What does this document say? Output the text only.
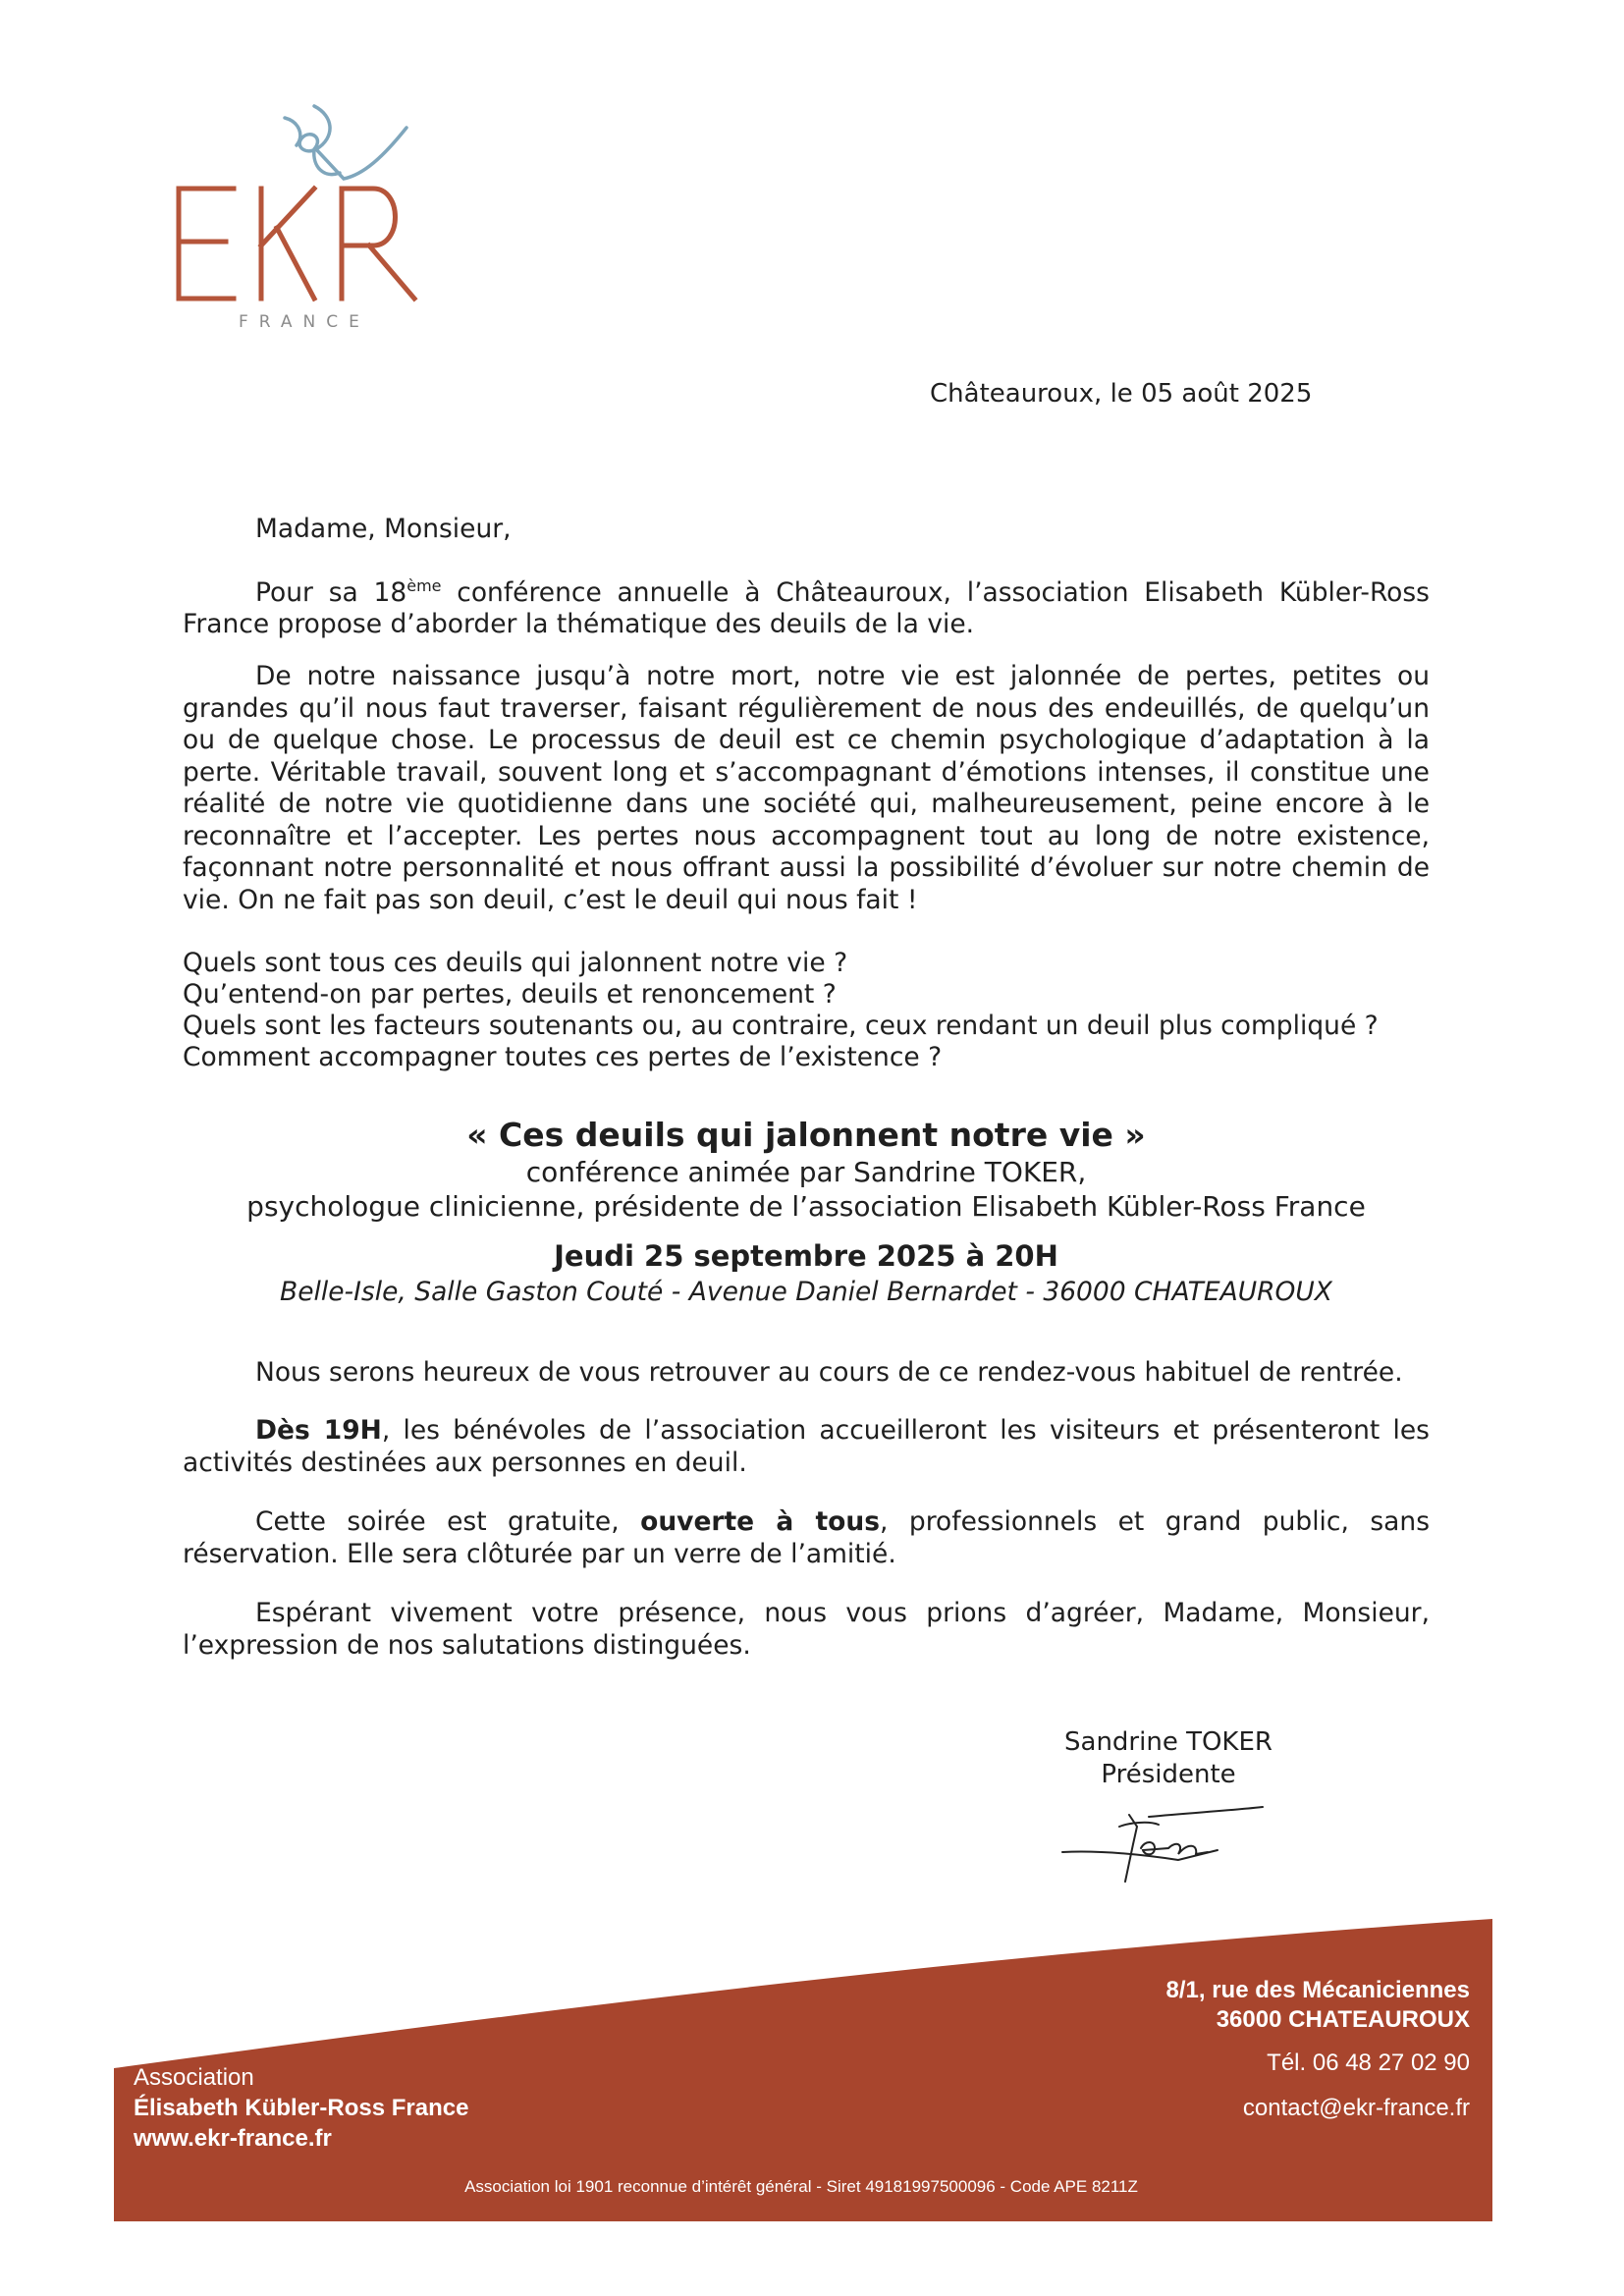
FRANCE
Châteauroux, le 05 août 2025
Madame, Monsieur,
Pour sa 18ème conférence annuelle à Châteauroux, l’association Elisabeth Kübler-Ross France propose d’aborder la thématique des deuils de la vie.
De notre naissance jusqu’à notre mort, notre vie est jalonnée de pertes, petites ou grandes qu’il nous faut traverser, faisant régulièrement de nous des endeuillés, de quelqu’un ou de quelque chose. Le processus de deuil est ce chemin psychologique d’adaptation à la perte. Véritable travail, souvent long et s’accompagnant d’émotions intenses, il constitue une réalité de notre vie quotidienne dans une société qui, malheureusement, peine encore à le reconnaître et l’accepter. Les pertes nous accompagnent tout au long de notre existence, façonnant notre personnalité et nous offrant aussi la possibilité d’évoluer sur notre chemin de vie. On ne fait pas son deuil, c’est le deuil qui nous fait !
Quels sont tous ces deuils qui jalonnent notre vie ?
Qu’entend-on par pertes, deuils et renoncement ?
Quels sont les facteurs soutenants ou, au contraire, ceux rendant un deuil plus compliqué ?
Comment accompagner toutes ces pertes de l’existence ?
« Ces deuils qui jalonnent notre vie »
conférence animée par Sandrine TOKER,
psychologue clinicienne, présidente de l’association Elisabeth Kübler-Ross France
Jeudi 25 septembre 2025 à 20H
Belle-Isle, Salle Gaston Couté - Avenue Daniel Bernardet - 36000 CHATEAUROUX
Nous serons heureux de vous retrouver au cours de ce rendez-vous habituel de rentrée.
Dès 19H, les bénévoles de l’association accueilleront les visiteurs et présenteront les activités destinées aux personnes en deuil.
Cette soirée est gratuite, ouverte à tous, professionnels et grand public, sans réservation. Elle sera clôturée par un verre de l’amitié.
Espérant vivement votre présence, nous vous prions d’agréer, Madame, Monsieur, l’expression de nos salutations distinguées.
Sandrine TOKER
Présidente
Association
Élisabeth Kübler-Ross France
www.ekr-france.fr
8/1, rue des Mécaniciennes
36000 CHATEAUROUX
Tél. 06 48 27 02 90
contact@ekr-france.fr
Association loi 1901 reconnue d’intérêt général - Siret 49181997500096 - Code APE 8211Z
